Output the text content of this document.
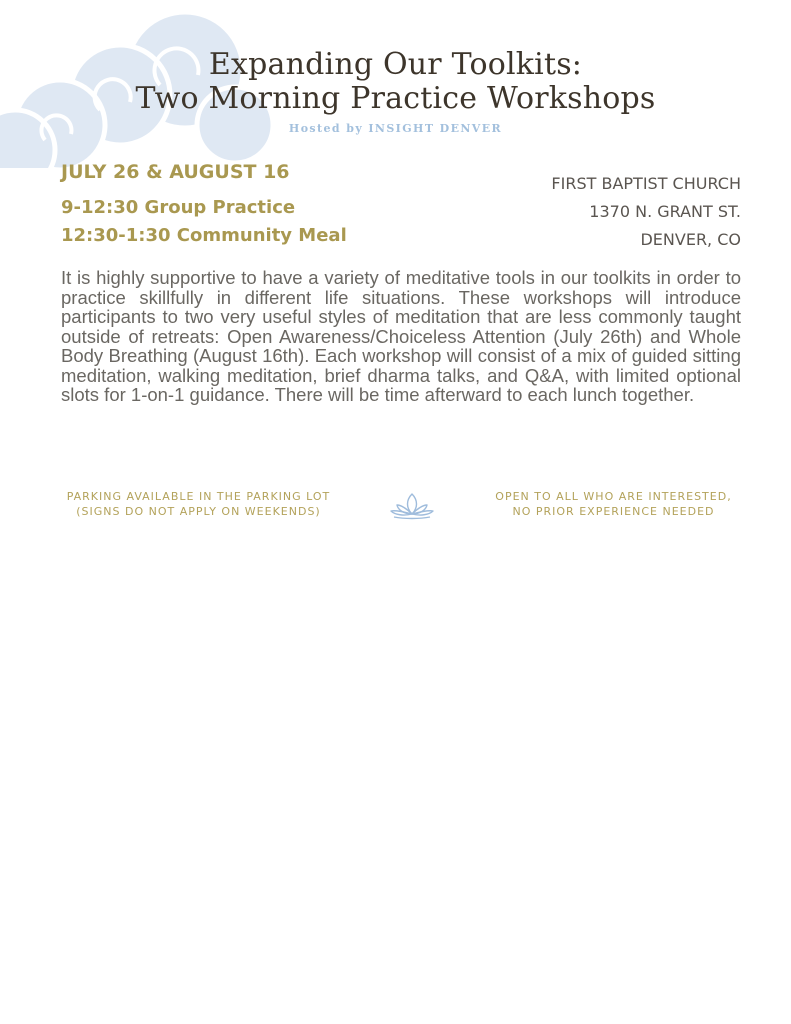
Expanding Our Toolkits:
Two Morning Practice Workshops
Hosted by INSIGHT DENVER
JULY 26 & AUGUST 16
9-12:30 Group Practice
12:30-1:30 Community Meal
FIRST BAPTIST CHURCH
1370 N. GRANT ST.
DENVER, CO
It is highly supportive to have a variety of meditative tools in our toolkits in order to practice skillfully in different life situations. These workshops will introduce participants to two very useful styles of meditation that are less commonly taught outside of retreats: Open Awareness/Choiceless Attention (July 26th) and Whole Body Breathing (August 16th). Each workshop will consist of a mix of guided sitting meditation, walking meditation, brief dharma talks, and Q&A, with limited optional slots for 1-on-1 guidance. There will be time afterward to each lunch together.
PARKING AVAILABLE IN THE PARKING LOT
(SIGNS DO NOT APPLY ON WEEKENDS)
OPEN TO ALL WHO ARE INTERESTED,
NO PRIOR EXPERIENCE NEEDED
